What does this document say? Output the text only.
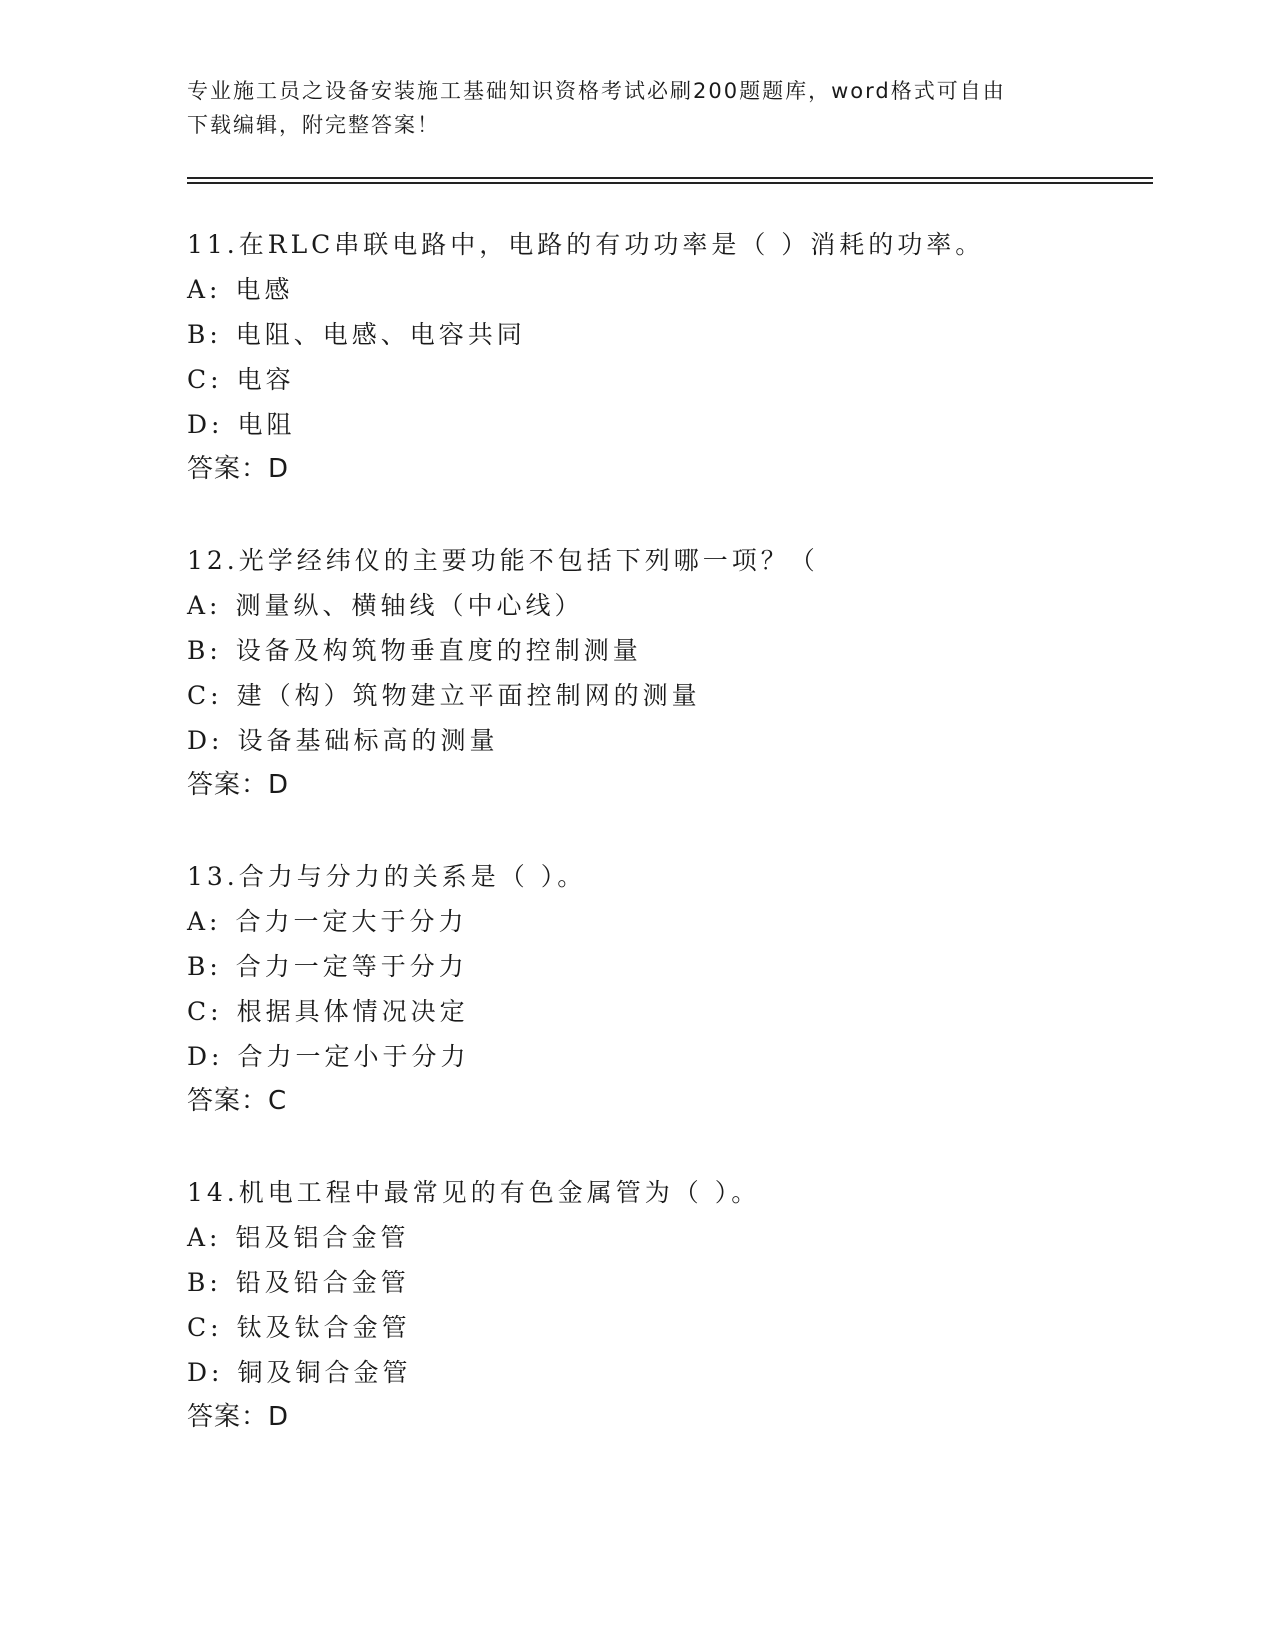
专业施工员之设备安装施工基础知识资格考试必刷200题题库，word格式可自由
下载编辑，附完整答案！
11.在RLC串联电路中，电路的有功功率是（ ）消耗的功率。
A: 电感
B: 电阻、电感、电容共同
C: 电容
D: 电阻
答案：D
12.光学经纬仪的主要功能不包括下列哪一项？（
A: 测量纵、横轴线（中心线）
B: 设备及构筑物垂直度的控制测量
C: 建（构）筑物建立平面控制网的测量
D: 设备基础标高的测量
答案：D
13.合力与分力的关系是（ ）。
A: 合力一定大于分力
B: 合力一定等于分力
C: 根据具体情况决定
D: 合力一定小于分力
答案：C
14.机电工程中最常见的有色金属管为（ ）。
A: 铝及铝合金管
B: 铅及铅合金管
C: 钛及钛合金管
D: 铜及铜合金管
答案：D
